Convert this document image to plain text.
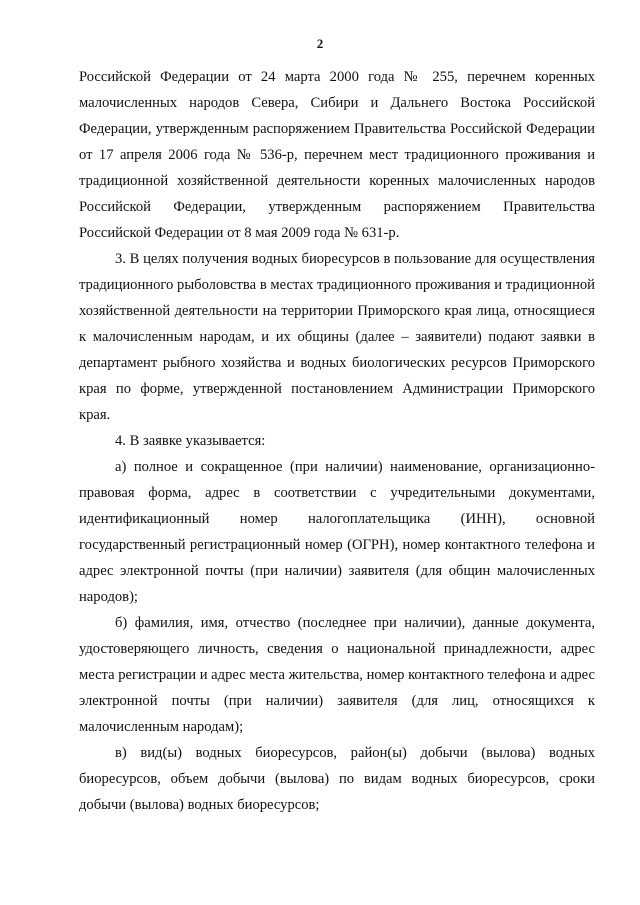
2

Российской Федерации от 24 марта 2000 года № 255, перечнем коренных малочисленных народов Севера, Сибири и Дальнего Востока Российской Федерации, утвержденным распоряжением Правительства Российской Федерации от 17 апреля 2006 года № 536-р, перечнем мест традиционного проживания и традиционной хозяйственной деятельности коренных малочисленных народов Российской Федерации, утвержденным распоряжением Правительства Российской Федерации от 8 мая 2009 года № 631-р.

3. В целях получения водных биоресурсов в пользование для осуществления традиционного рыболовства в местах традиционного проживания и традиционной хозяйственной деятельности на территории Приморского края лица, относящиеся к малочисленным народам, и их общины (далее – заявители) подают заявки в департамент рыбного хозяйства и водных биологических ресурсов Приморского края по форме, утвержденной постановлением Администрации Приморского края.

4. В заявке указывается:

а) полное и сокращенное (при наличии) наименование, организационно-правовая форма, адрес в соответствии с учредительными документами, идентификационный номер налогоплательщика (ИНН), основной государственный регистрационный номер (ОГРН), номер контактного телефона и адрес электронной почты (при наличии) заявителя (для общин малочисленных народов);

б) фамилия, имя, отчество (последнее при наличии), данные документа, удостоверяющего личность, сведения о национальной принадлежности, адрес места регистрации и адрес места жительства, номер контактного телефона и адрес электронной почты (при наличии) заявителя (для лиц, относящихся к малочисленным народам);

в) вид(ы) водных биоресурсов, район(ы) добычи (вылова) водных биоресурсов, объем добычи (вылова) по видам водных биоресурсов, сроки добычи (вылова) водных биоресурсов;
